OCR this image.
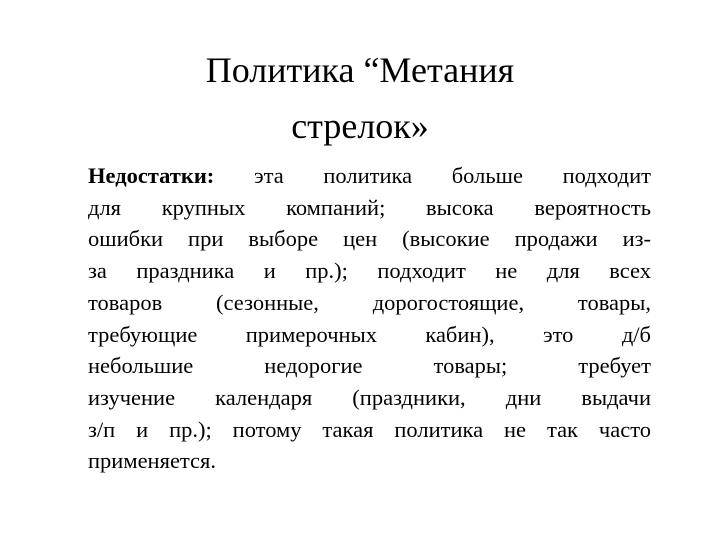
Политика “Метания
стрелок»
Недостатки: эта политика больше подходит
для крупных компаний; высока вероятность
ошибки при выборе цен (высокие продажи из-
за праздника и пр.); подходит не для всех
товаров (сезонные, дорогостоящие, товары,
требующие примерочных кабин), это д/б
небольшие недорогие товары; требует
изучение календаря (праздники, дни выдачи
з/п и пр.); потому такая политика не так часто
применяется.
